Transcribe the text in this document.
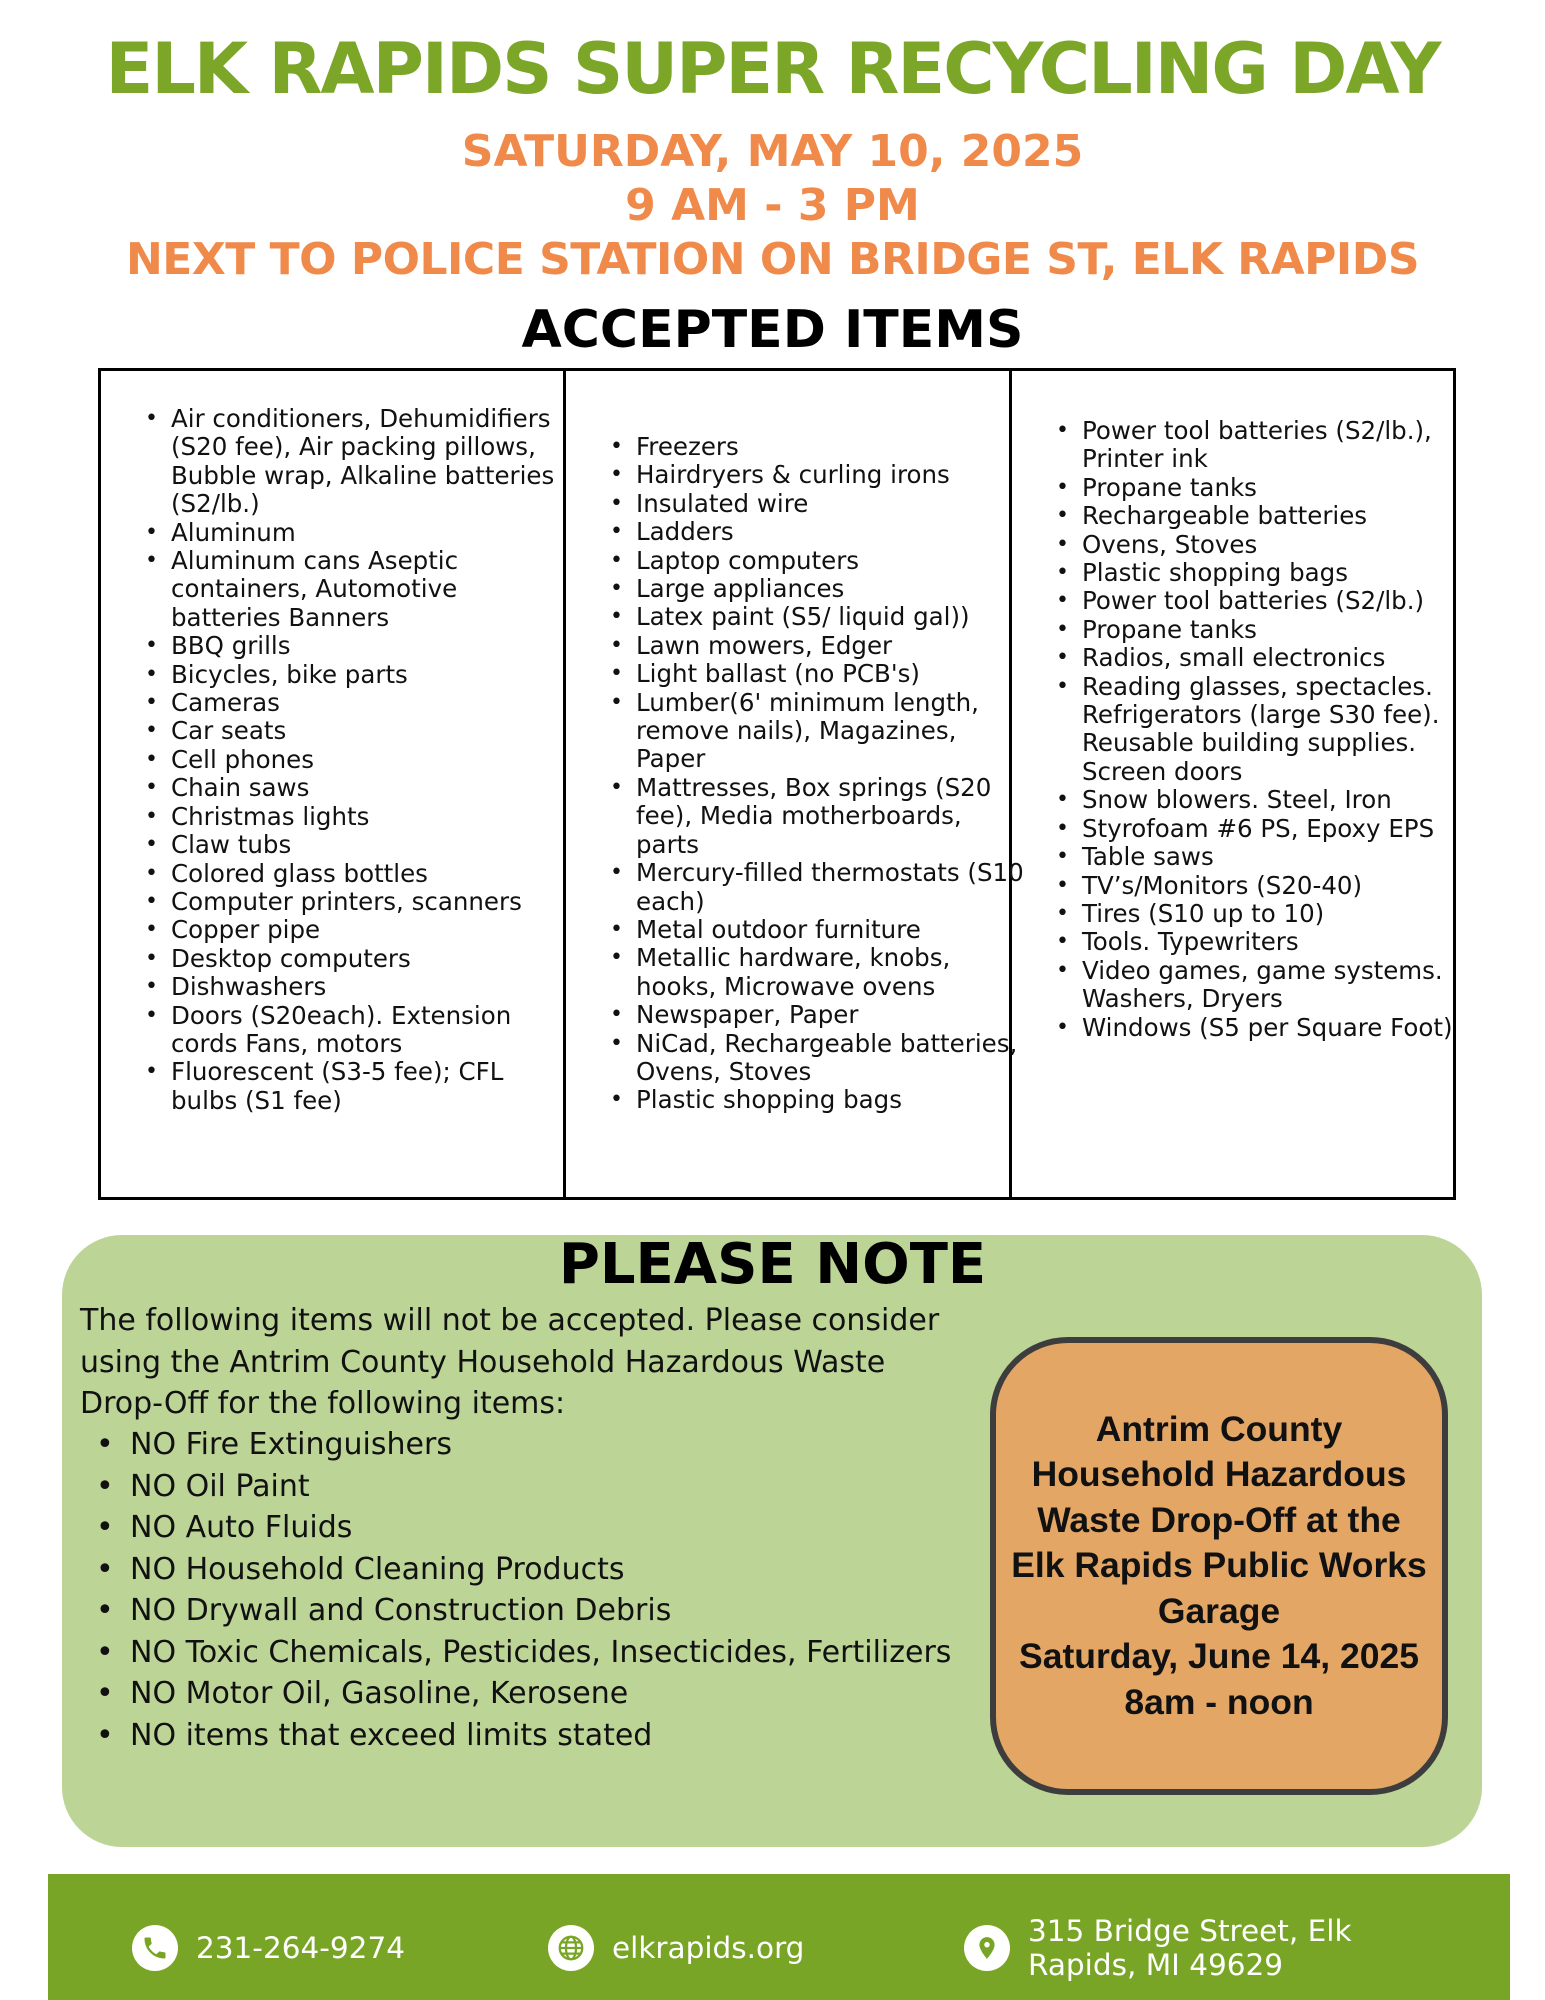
ELK RAPIDS SUPER RECYCLING DAY
SATURDAY, MAY 10, 2025
9 AM - 3 PM
NEXT TO POLICE STATION ON BRIDGE ST, ELK RAPIDS
ACCEPTED ITEMS
• Air conditioners, Dehumidifiers (S20 fee), Air packing pillows, Bubble wrap, Alkaline batteries (S2/lb.)
• Aluminum
• Aluminum cans Aseptic containers, Automotive batteries Banners
• BBQ grills
• Bicycles, bike parts
• Cameras
• Car seats
• Cell phones
• Chain saws
• Christmas lights
• Claw tubs
• Colored glass bottles
• Computer printers, scanners
• Copper pipe
• Desktop computers
• Dishwashers
• Doors (S20each). Extension cords Fans, motors
• Fluorescent (S3-5 fee); CFL bulbs (S1 fee)
• Freezers
• Hairdryers & curling irons
• Insulated wire
• Ladders
• Laptop computers
• Large appliances
• Latex paint (S5/ liquid gal))
• Lawn mowers, Edger
• Light ballast (no PCB's)
• Lumber(6' minimum length, remove nails), Magazines, Paper
• Mattresses, Box springs (S20 fee), Media motherboards, parts
• Mercury-filled thermostats (S10 each)
• Metal outdoor furniture
• Metallic hardware, knobs, hooks, Microwave ovens
• Newspaper, Paper
• NiCad, Rechargeable batteries, Ovens, Stoves
• Plastic shopping bags
• Power tool batteries (S2/lb.), Printer ink
• Propane tanks
• Rechargeable batteries
• Ovens, Stoves
• Plastic shopping bags
• Power tool batteries (S2/lb.)
• Propane tanks
• Radios, small electronics
• Reading glasses, spectacles. Refrigerators (large S30 fee). Reusable building supplies. Screen doors
• Snow blowers. Steel, Iron
• Styrofoam #6 PS, Epoxy EPS
• Table saws
• TV’s/Monitors (S20-40)
• Tires (S10 up to 10)
• Tools. Typewriters
• Video games, game systems. Washers, Dryers
• Windows (S5 per Square Foot)
PLEASE NOTE
The following items will not be accepted. Please consider using the Antrim County Household Hazardous Waste Drop-Off for the following items:
• NO Fire Extinguishers
• NO Oil Paint
• NO Auto Fluids
• NO Household Cleaning Products
• NO Drywall and Construction Debris
• NO Toxic Chemicals, Pesticides, Insecticides, Fertilizers
• NO Motor Oil, Gasoline, Kerosene
• NO items that exceed limits stated
Antrim County
Household Hazardous
Waste Drop-Off at the
Elk Rapids Public Works
Garage
Saturday, June 14, 2025
8am - noon
231-264-9274	elkrapids.org	315 Bridge Street, Elk
Rapids, MI 49629
